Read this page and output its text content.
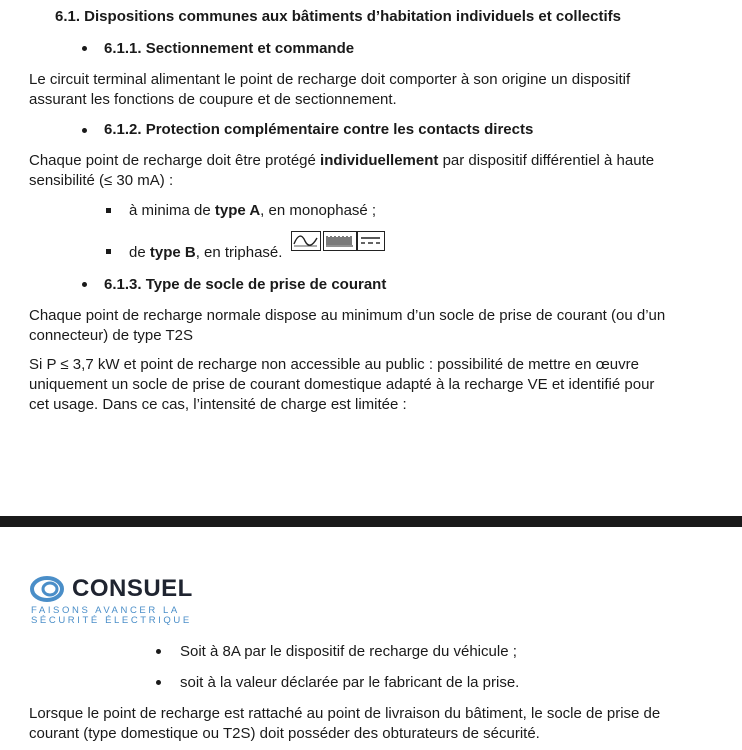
6.1. Dispositions communes aux bâtiments d’habitation individuels et collectifs
6.1.1. Sectionnement et commande
Le circuit terminal alimentant le point de recharge doit comporter à son origine un dispositif
assurant les fonctions de coupure et de sectionnement.
6.1.2. Protection complémentaire contre les contacts directs
Chaque point de recharge doit être protégé individuellement par dispositif différentiel à haute
sensibilité (≤ 30 mA) :
à minima de type A, en monophasé ;
de type B, en triphasé.
6.1.3. Type de socle de prise de courant
Chaque point de recharge normale dispose au minimum d’un socle de prise de courant (ou d’un
connecteur) de type T2S
Si P ≤ 3,7 kW et point de recharge non accessible au public : possibilité de mettre en œuvre
uniquement un socle de prise de courant domestique adapté à la recharge VE et identifié pour
cet usage. Dans ce cas, l’intensité de charge est limitée :
CONSUEL
FAISONS AVANCER LA
SÉCURITÉ ÉLECTRIQUE
Soit à 8A par le dispositif de recharge du véhicule ;
soit à la valeur déclarée par le fabricant de la prise.
Lorsque le point de recharge est rattaché au point de livraison du bâtiment, le socle de prise de
courant (type domestique ou T2S) doit posséder des obturateurs de sécurité.
